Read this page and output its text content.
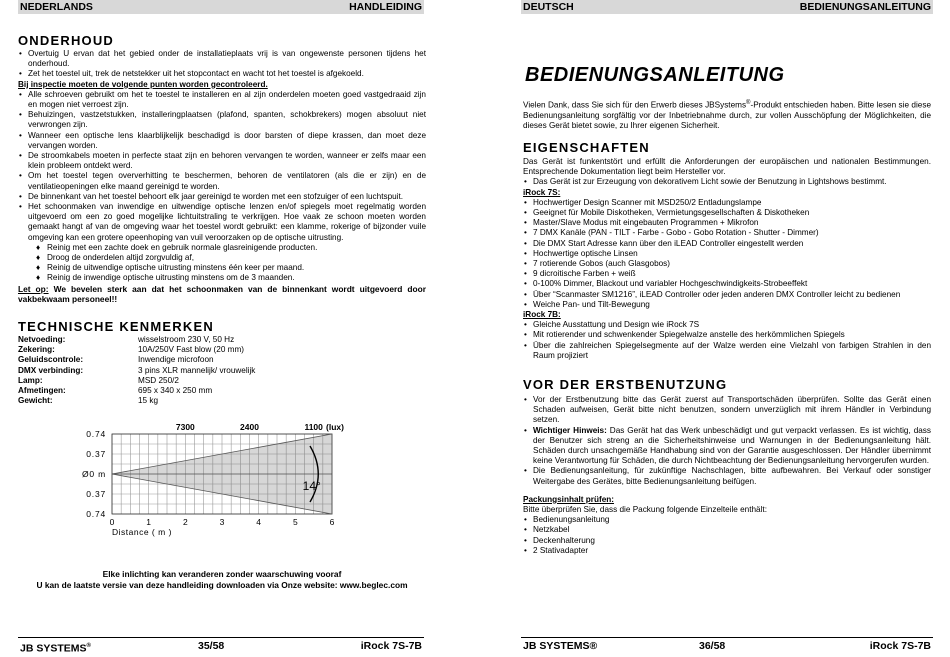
NEDERLANDS	HANDLEIDING
ONDERHOUD
• Overtuig U ervan dat het gebied onder de installatieplaats vrij is van ongewenste personen tijdens het onderhoud.
• Zet het toestel uit, trek de netstekker uit het stopcontact en wacht tot het toestel is afgekoeld.
Bij inspectie moeten de volgende punten worden gecontroleerd.
• Alle schroeven gebruikt om het te toestel te installeren en al zijn onderdelen moeten goed vastgedraaid zijn en mogen niet verroest zijn.
• Behuizingen, vastzetstukken, installeringplaatsen (plafond, spanten, schokbrekers) mogen absoluut niet verwrongen zijn.
• Wanneer een optische lens klaarblijkelijk beschadigd is door barsten of diepe krassen, dan moet deze vervangen worden.
• De stroomkabels moeten in perfecte staat zijn en behoren vervangen te worden, wanneer er zelfs maar een klein probleem ontdekt werd.
• Om het toestel tegen oververhitting te beschermen, behoren de ventilatoren (als die er zijn) en de ventilatieopeningen elke maand gereinigd te worden.
• De binnenkant van het toestel behoort elk jaar gereinigd te worden met een stofzuiger of een luchtspuit.
• Het schoonmaken van inwendige en uitwendige optische lenzen en/of spiegels moet regelmatig worden uitgevoerd om een zo goed mogelijke lichtuitstraling te verkrijgen. Hoe vaak ze schoon moeten worden gemaakt hangt af van de omgeving waar het toestel wordt gebruikt: een klamme, rokerige of bijzonder vuile omgeving kan een grotere opeenhoping van vuil veroorzaken op de optische uitrusting.
♦ Reinig met een zachte doek en gebruik normale glasreinigende producten.
♦ Droog de onderdelen altijd zorgvuldig af,
♦ Reinig de uitwendige optische uitrusting minstens één keer per maand.
♦ Reinig de inwendige optische uitrusting minstens om de 3 maanden.
Let op: We bevelen sterk aan dat het schoonmaken van de binnenkant wordt uitgevoerd door vakbekwaam personeel!!
TECHNISCHE KENMERKEN
Netvoeding:	wisselstroom 230 V, 50 Hz
Zekering:	10A/250V Fast blow (20 mm)
Geluidscontrole:	Inwendige microfoon
DMX verbinding:	3 pins XLR mannelijk/ vrouwelijk
Lamp:	MSD 250/2
Afmetingen:	695 x 340 x 250 mm
Gewicht:	15 kg
14°
0.74
0.37
Ø0 m
0.37
0.74
0	1	2	3	4	5	6
Distance ( m )
7300	2400	1100 (lux)
Elke inlichting kan veranderen zonder waarschuwing vooraf
U kan de laatste versie van deze handleiding downloaden via Onze website: www.beglec.com
JB SYSTEMS®	35/58	iRock 7S-7B
DEUTSCH	BEDIENUNGSANLEITUNG
BEDIENUNGSANLEITUNG
Vielen Dank, dass Sie sich für den Erwerb dieses JBSystems®-Produkt entschieden haben. Bitte lesen sie diese Bedienungsanleitung sorgfältig vor der Inbetriebnahme durch, zur vollen Ausschöpfung der Möglichkeiten, die dieses Gerät bietet sowie, zu Ihrer eigenen Sicherheit.
EIGENSCHAFTEN
Das Gerät ist funkentstört und erfüllt die Anforderungen der europäischen und nationalen Bestimmungen. Entsprechende Dokumentation liegt beim Hersteller vor.
• Das Gerät ist zur Erzeugung von dekorativem Licht sowie der Benutzung in Lightshows bestimmt.
iRock 7S:
• Hochwertiger Design Scanner mit MSD250/2 Entladungslampe
• Geeignet für Mobile Diskotheken, Vermietungsgesellschaften & Diskotheken
• Master/Slave Modus mit eingebauten Programmen + Mikrofon
• 7 DMX Kanäle (PAN - TILT - Farbe - Gobo - Gobo Rotation - Shutter - Dimmer)
• Die DMX Start Adresse kann über den iLEAD Controller eingestellt werden
• Hochwertige optische Linsen
• 7 rotierende Gobos (auch Glasgobos)
• 9 dicroitische Farben + weiß
• 0-100% Dimmer, Blackout und variabler Hochgeschwindigkeits-Strobeeffekt
• Über “Scanmaster SM1216”, iLEAD Controller oder jeden anderen DMX Controller leicht zu bedienen
• Weiche Pan- und Tilt-Bewegung
iRock 7B:
• Gleiche Ausstattung und Design wie iRock 7S
• Mit rotierender und schwenkender Spiegelwalze anstelle des herkömmlichen Spiegels
• Über die zahlreichen Spiegelsegmente auf der Walze werden eine Vielzahl von farbigen Strahlen in den Raum projiziert
VOR DER ERSTBENUTZUNG
• Vor der Erstbenutzung bitte das Gerät zuerst auf Transportschäden überprüfen. Sollte das Gerät einen Schaden aufweisen, Gerät bitte nicht benutzen, sondern unverzüglich mit ihrem Händler in Verbindung setzen.
• Wichtiger Hinweis: Das Gerät hat das Werk unbeschädigt und gut verpackt verlassen. Es ist wichtig, dass der Benutzer sich streng an die Sicherheitshinweise und Warnungen in der Bedienungsanleitung hält. Schäden durch unsachgemäße Handhabung sind von der Garantie ausgeschlossen. Der Händler übernimmt keine Verantwortung für Schäden, die durch Nichtbeachtung der Bedienungsanleitung hervorgerufen wurden.
• Die Bedienungsanleitung, für zukünftige Nachschlagen, bitte aufbewahren. Bei Verkauf oder sonstiger Weitergabe des Gerätes, bitte Bedienungsanleitung beifügen.
Packungsinhalt prüfen:
Bitte überprüfen Sie, dass die Packung folgende Einzelteile enthält:
• Bedienungsanleitung
• Netzkabel
• Deckenhalterung
• 2 Stativadapter
JB SYSTEMS®	36/58	iRock 7S-7B
